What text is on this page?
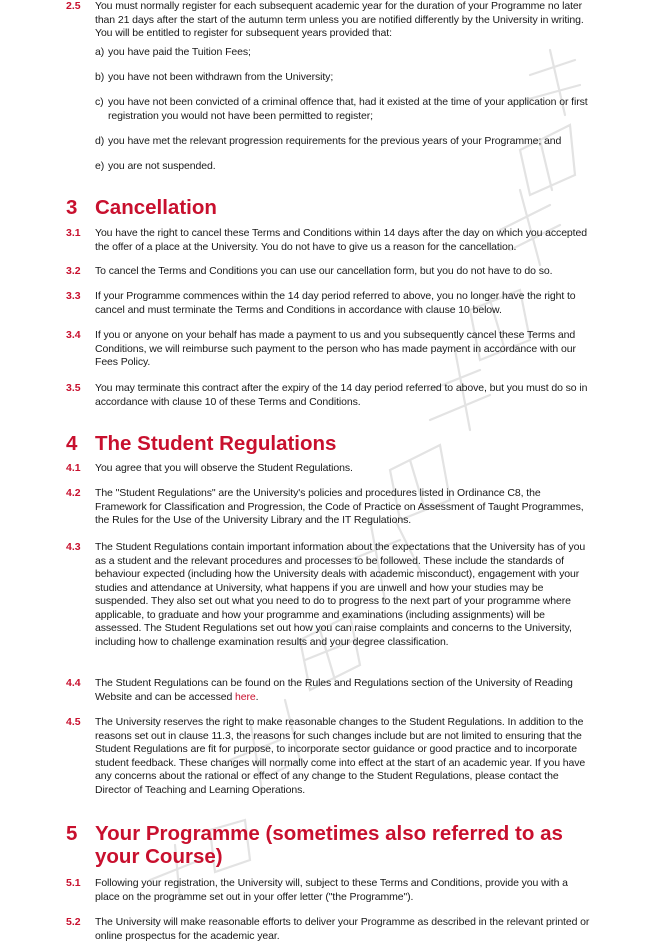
2.5 You must normally register for each subsequent academic year for the duration of your Programme no later than 21 days after the start of the autumn term unless you are notified differently by the University in writing. You will be entitled to register for subsequent years provided that:
a) you have paid the Tuition Fees;
b) you have not been withdrawn from the University;
c) you have not been convicted of a criminal offence that, had it existed at the time of your application or first registration you would not have been permitted to register;
d) you have met the relevant progression requirements for the previous years of your Programme; and
e) you are not suspended.
3 Cancellation
3.1 You have the right to cancel these Terms and Conditions within 14 days after the day on which you accepted the offer of a place at the University. You do not have to give us a reason for the cancellation.
3.2 To cancel the Terms and Conditions you can use our cancellation form, but you do not have to do so.
3.3 If your Programme commences within the 14 day period referred to above, you no longer have the right to cancel and must terminate the Terms and Conditions in accordance with clause 10 below.
3.4 If you or anyone on your behalf has made a payment to us and you subsequently cancel these Terms and Conditions, we will reimburse such payment to the person who has made payment in accordance with our Fees Policy.
3.5 You may terminate this contract after the expiry of the 14 day period referred to above, but you must do so in accordance with clause 10 of these Terms and Conditions.
4 The Student Regulations
4.1 You agree that you will observe the Student Regulations.
4.2 The "Student Regulations" are the University's policies and procedures listed in Ordinance C8, the Framework for Classification and Progression, the Code of Practice on Assessment of Taught Programmes, the Rules for the Use of the University Library and the IT Regulations.
4.3 The Student Regulations contain important information about the expectations that the University has of you as a student and the relevant procedures and processes to be followed. These include the standards of behaviour expected (including how the University deals with academic misconduct), engagement with your studies and attendance at University, what happens if you are unwell and how your studies may be suspended. They also set out what you need to do to progress to the next part of your programme where applicable, to graduate and how your programme and examinations (including assignments) will be assessed. The Student Regulations set out how you can raise complaints and concerns to the University, including how to challenge examination results and your degree classification.
4.4 The Student Regulations can be found on the Rules and Regulations section of the University of Reading Website and can be accessed here.
4.5 The University reserves the right to make reasonable changes to the Student Regulations. In addition to the reasons set out in clause 11.3, the reasons for such changes include but are not limited to ensuring that the Student Regulations are fit for purpose, to incorporate sector guidance or good practice and to incorporate student feedback. These changes will normally come into effect at the start of an academic year. If you have any concerns about the rational or effect of any change to the Student Regulations, please contact the Director of Teaching and Learning Operations.
5 Your Programme (sometimes also referred to as your Course)
5.1 Following your registration, the University will, subject to these Terms and Conditions, provide you with a place on the programme set out in your offer letter ("the Programme").
5.2 The University will make reasonable efforts to deliver your Programme as described in the relevant printed or online prospectus for the academic year.
